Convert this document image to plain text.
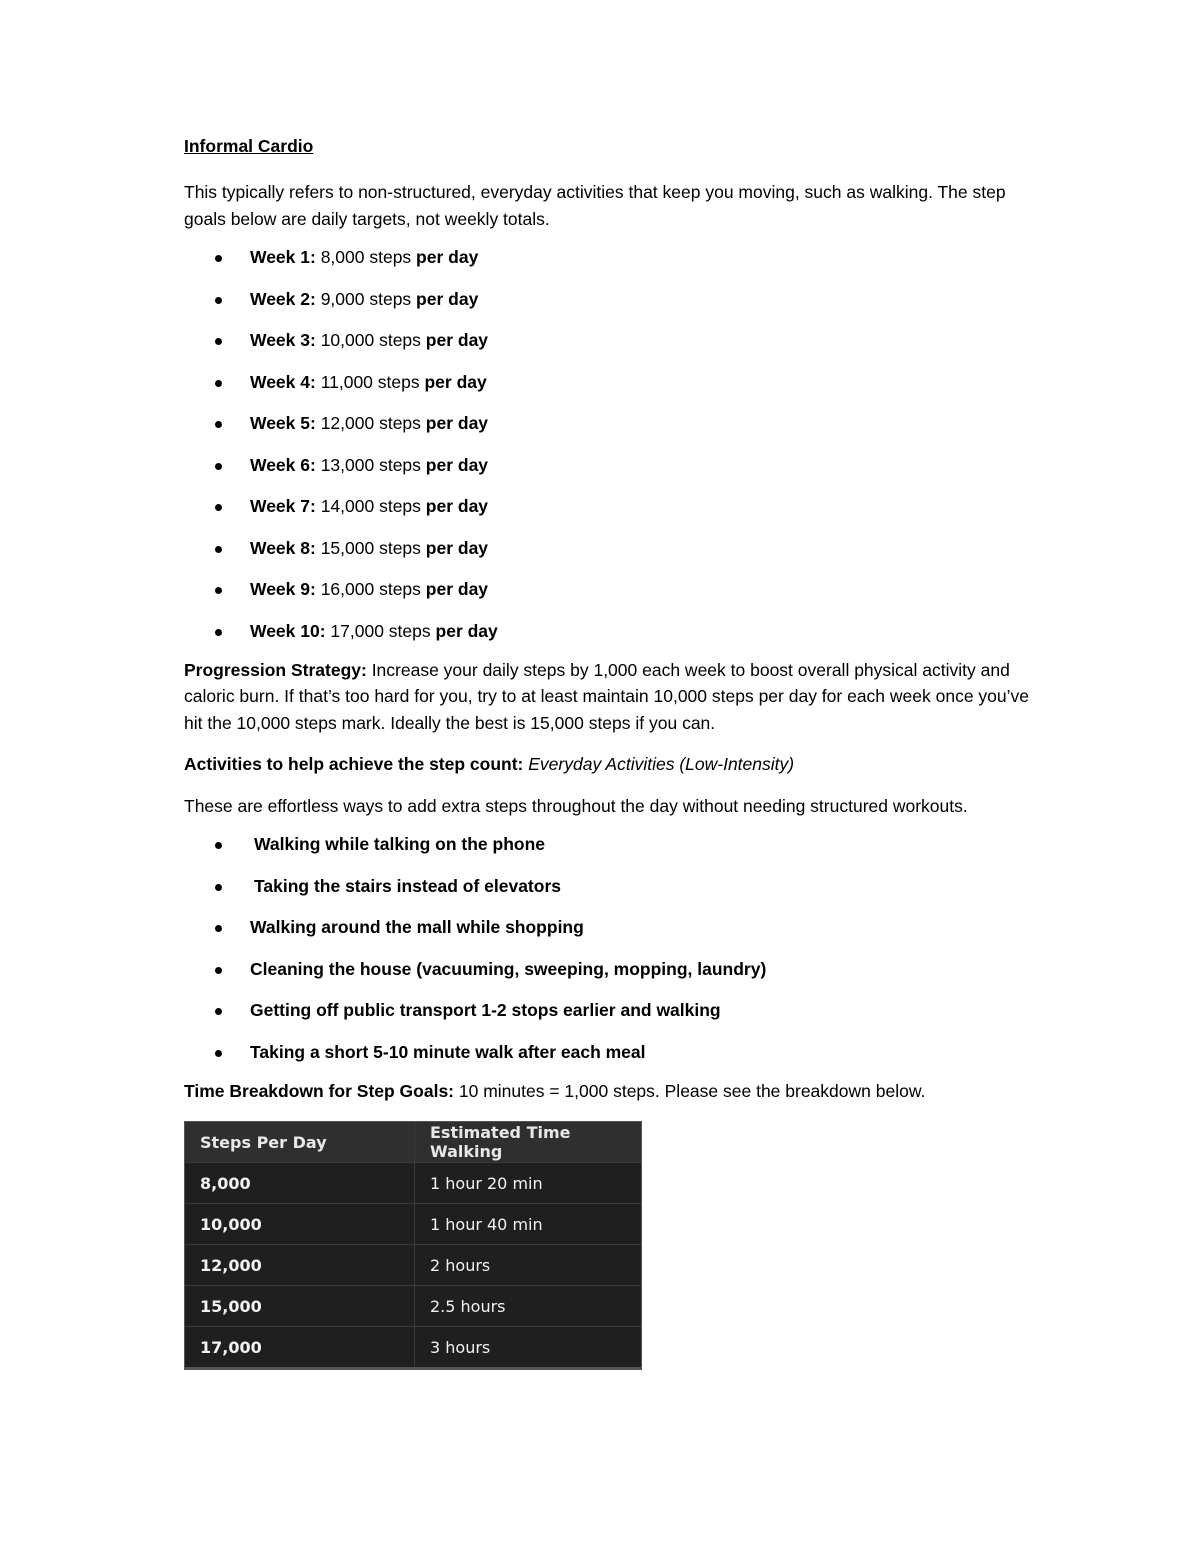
Informal Cardio

This typically refers to non-structured, everyday activities that keep you moving, such as walking. The step goals below are daily targets, not weekly totals.

Week 1: 8,000 steps per day
Week 2: 9,000 steps per day
Week 3: 10,000 steps per day
Week 4: 11,000 steps per day
Week 5: 12,000 steps per day
Week 6: 13,000 steps per day
Week 7: 14,000 steps per day
Week 8: 15,000 steps per day
Week 9: 16,000 steps per day
Week 10: 17,000 steps per day

Progression Strategy: Increase your daily steps by 1,000 each week to boost overall physical activity and caloric burn. If that’s too hard for you, try to at least maintain 10,000 steps per day for each week once you’ve hit the 10,000 steps mark. Ideally the best is 15,000 steps if you can.

Activities to help achieve the step count: Everyday Activities (Low-Intensity)

These are effortless ways to add extra steps throughout the day without needing structured workouts.

Walking while talking on the phone
Taking the stairs instead of elevators
Walking around the mall while shopping
Cleaning the house (vacuuming, sweeping, mopping, laundry)
Getting off public transport 1-2 stops earlier and walking
Taking a short 5-10 minute walk after each meal

Time Breakdown for Step Goals: 10 minutes = 1,000 steps. Please see the breakdown below.

Steps Per Day	Estimated Time Walking
8,000	1 hour 20 min
10,000	1 hour 40 min
12,000	2 hours
15,000	2.5 hours
17,000	3 hours
